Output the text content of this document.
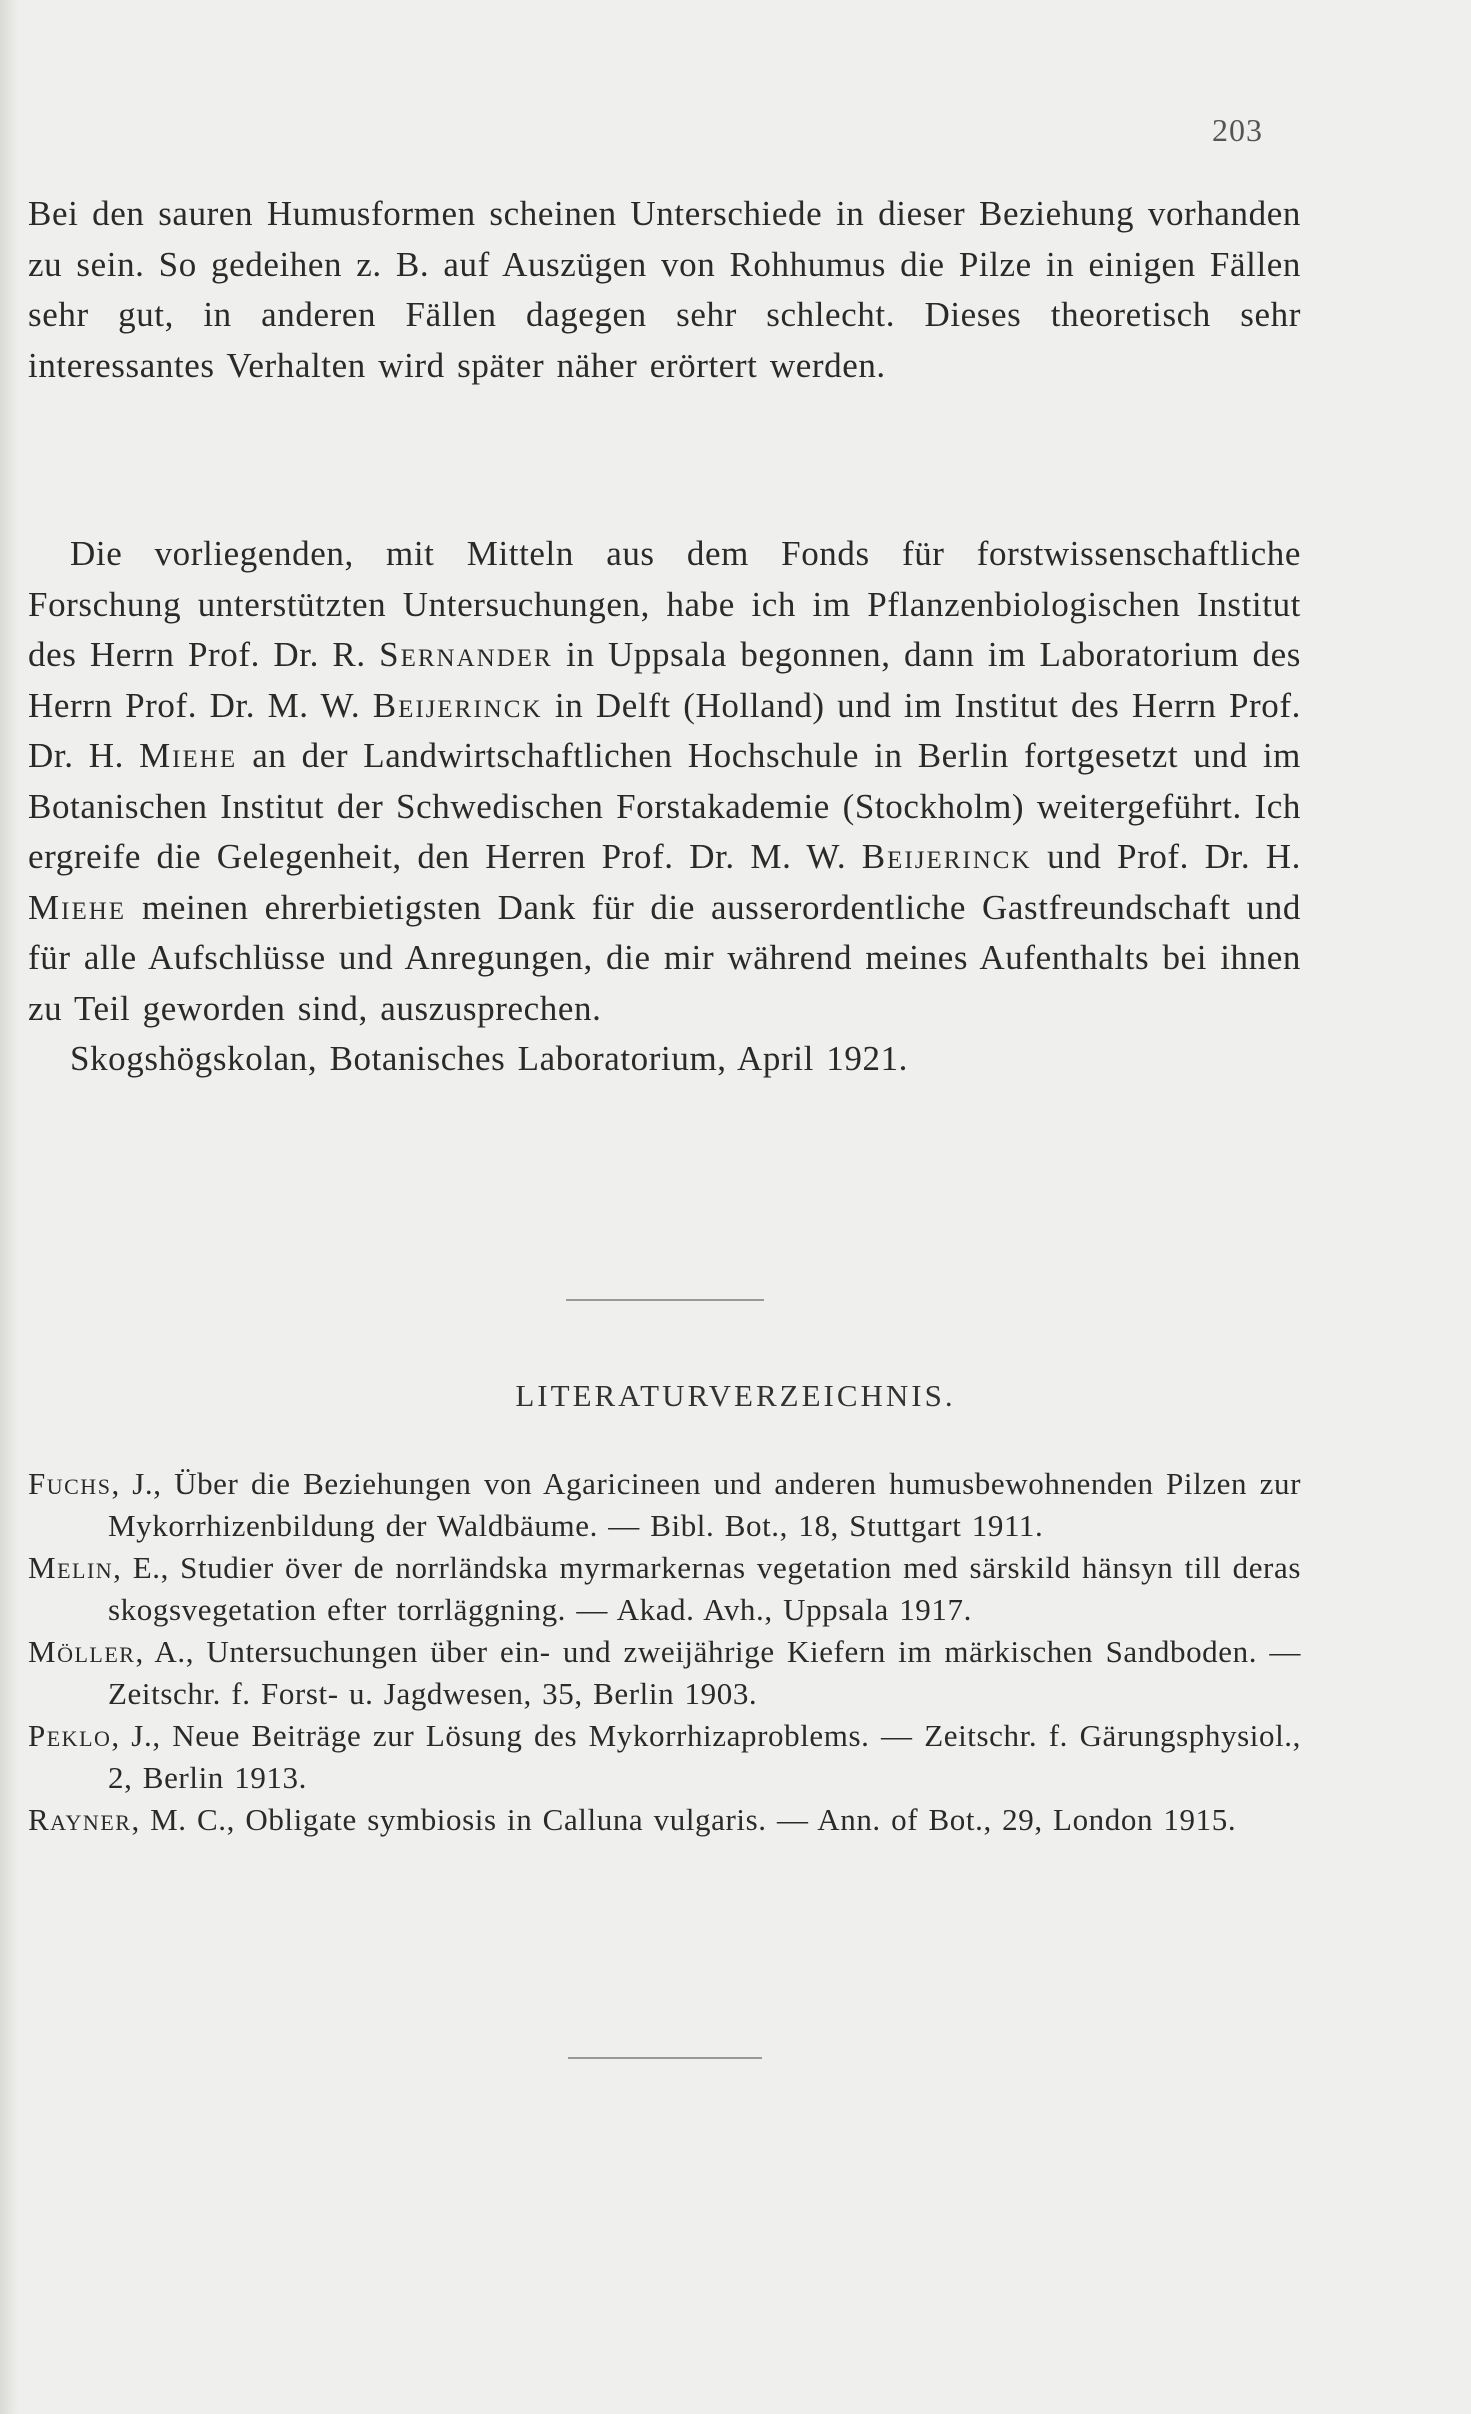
203

Bei den sauren Humusformen scheinen Unterschiede in dieser Beziehung vorhanden zu sein. So gedeihen z. B. auf Auszügen von Rohhumus die Pilze in einigen Fällen sehr gut, in anderen Fällen dagegen sehr schlecht. Dieses theoretisch sehr interessantes Verhalten wird später näher erörtert werden.

Die vorliegenden, mit Mitteln aus dem Fonds für forstwissenschaftliche Forschung unterstützten Untersuchungen, habe ich im Pflanzenbiologischen Institut des Herrn Prof. Dr. R. Sernander in Uppsala begonnen, dann im Laboratorium des Herrn Prof. Dr. M. W. Beijerinck in Delft (Holland) und im Institut des Herrn Prof. Dr. H. Miehe an der Landwirtschaftlichen Hochschule in Berlin fortgesetzt und im Botanischen Institut der Schwedischen Forstakademie (Stockholm) weitergeführt. Ich ergreife die Gelegenheit, den Herren Prof. Dr. M. W. Beijerinck und Prof. Dr. H. Miehe meinen ehrerbietigsten Dank für die ausserordentliche Gastfreundschaft und für alle Aufschlüsse und Anregungen, die mir während meines Aufenthalts bei ihnen zu Teil geworden sind, auszusprechen.

Skogshögskolan, Botanisches Laboratorium, April 1921.

LITERATURVERZEICHNIS.

Fuchs, J., Über die Beziehungen von Agaricineen und anderen humusbewohnenden Pilzen zur Mykorrhizenbildung der Waldbäume. — Bibl. Bot., 18, Stuttgart 1911.

Melin, E., Studier över de norrländska myrmarkernas vegetation med särskild hänsyn till deras skogsvegetation efter torrläggning. — Akad. Avh., Uppsala 1917.

Möller, A., Untersuchungen über ein- und zweijährige Kiefern im märkischen Sandboden. — Zeitschr. f. Forst- u. Jagdwesen, 35, Berlin 1903.

Peklo, J., Neue Beiträge zur Lösung des Mykorrhizaproblems. — Zeitschr. f. Gärungsphysiol., 2, Berlin 1913.

Rayner, M. C., Obligate symbiosis in Calluna vulgaris. — Ann. of Bot., 29, London 1915.
